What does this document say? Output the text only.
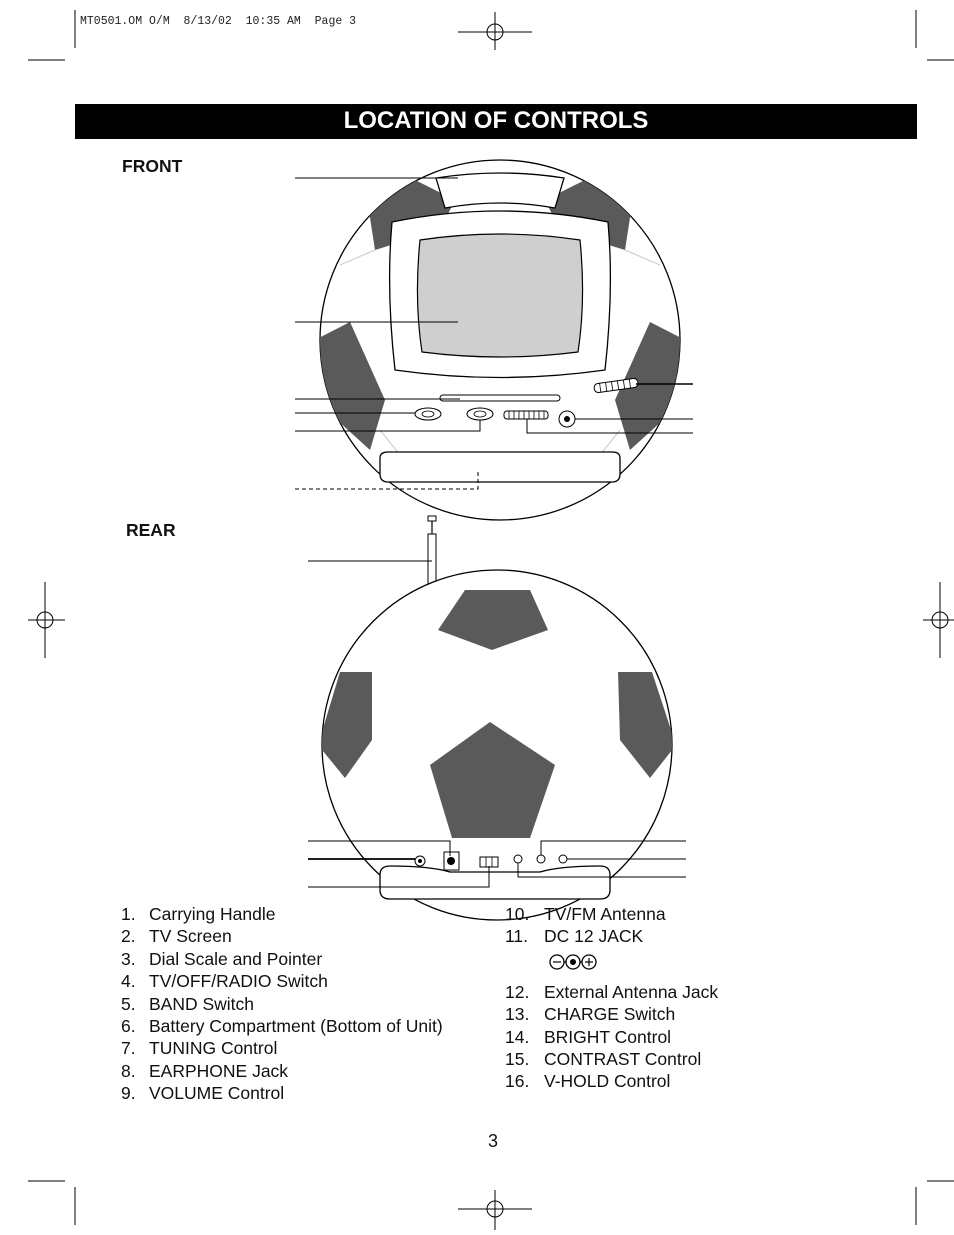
MT0501.OM O/M  8/13/02  10:35 AM  Page 3
LOCATION OF CONTROLS
FRONT
REAR
1. Carrying Handle
2. TV Screen
3. Dial Scale and Pointer
4. TV/OFF/RADIO Switch
5. BAND Switch
6. Battery Compartment (Bottom of Unit)
7. TUNING Control
8. EARPHONE Jack
9. VOLUME Control
10. TV/FM Antenna
11. DC 12 JACK
12. External Antenna Jack
13. CHARGE Switch
14. BRIGHT Control
15. CONTRAST Control
16. V-HOLD Control
3
